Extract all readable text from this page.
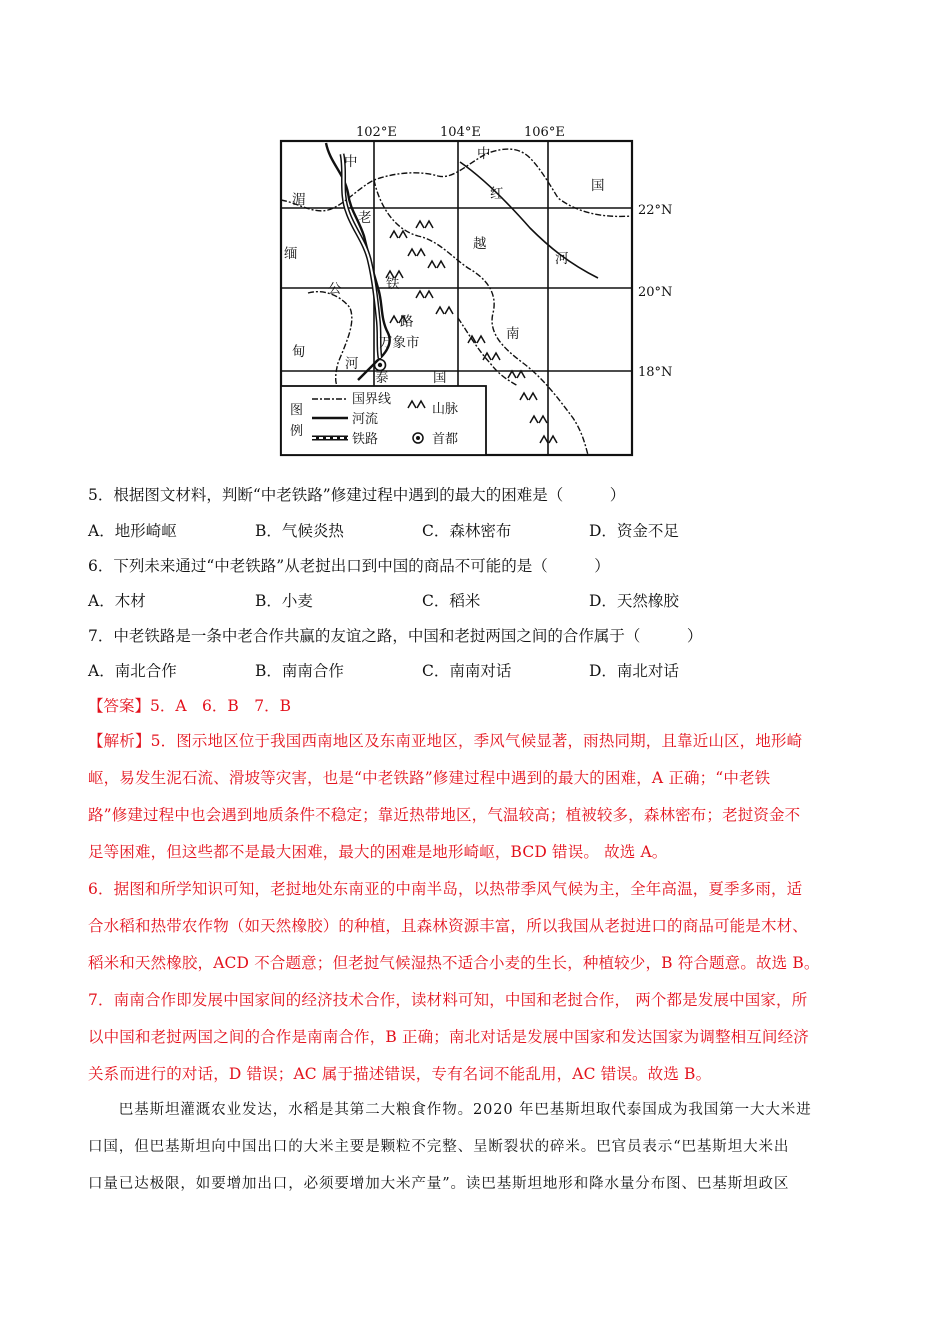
102°E	104°E	106°E
22°N
20°N
18°N
中	中
国
湄
老
红
越
缅	河
公	铁
路
南
甸
河
万象市
泰	国
图
例
国界线
河流
铁路
山脉
首都
5．根据图文材料，判断“中老铁路”修建过程中遇到的最大的困难是（　　　）
A．地形崎岖	B．气候炎热	C．森林密布	D．资金不足
6．下列未来通过“中老铁路”从老挝出口到中国的商品不可能的是（　　　）
A．木材	B．小麦	C．稻米	D．天然橡胶
7．中老铁路是一条中老合作共赢的友谊之路，中国和老挝两国之间的合作属于（　　　）
A．南北合作	B．南南合作	C．南南对话	D．南北对话
【答案】5．A　6．B　7．B
【解析】5．图示地区位于我国西南地区及东南亚地区，季风气候显著，雨热同期，且靠近山区，地形崎
岖，易发生泥石流、滑坡等灾害，也是“中老铁路”修建过程中遇到的最大的困难，A 正确；“中老铁
路”修建过程中也会遇到地质条件不稳定；靠近热带地区，气温较高；植被较多，森林密布；老挝资金不
足等困难，但这些都不是最大困难，最大的困难是地形崎岖，BCD 错误。 故选 A。
6．据图和所学知识可知，老挝地处东南亚的中南半岛，以热带季风气候为主，全年高温，夏季多雨，适
合水稻和热带农作物（如天然橡胶）的种植，且森林资源丰富，所以我国从老挝进口的商品可能是木材、
稻米和天然橡胶，ACD 不合题意；但老挝气候湿热不适合小麦的生长，种植较少，B 符合题意。故选 B。
7．南南合作即发展中国家间的经济技术合作，读材料可知，中国和老挝合作， 两个都是发展中国家，所
以中国和老挝两国之间的合作是南南合作，B 正确；南北对话是发展中国家和发达国家为调整相互间经济
关系而进行的对话，D 错误；AC 属于描述错误，专有名词不能乱用，AC 错误。故选 B。
　　巴基斯坦灌溉农业发达，水稻是其第二大粮食作物。2020 年巴基斯坦取代泰国成为我国第一大大米进
口国，但巴基斯坦向中国出口的大米主要是颗粒不完整、呈断裂状的碎米。巴官员表示“巴基斯坦大米出
口量已达极限，如要增加出口，必须要增加大米产量”。读巴基斯坦地形和降水量分布图、巴基斯坦政区
